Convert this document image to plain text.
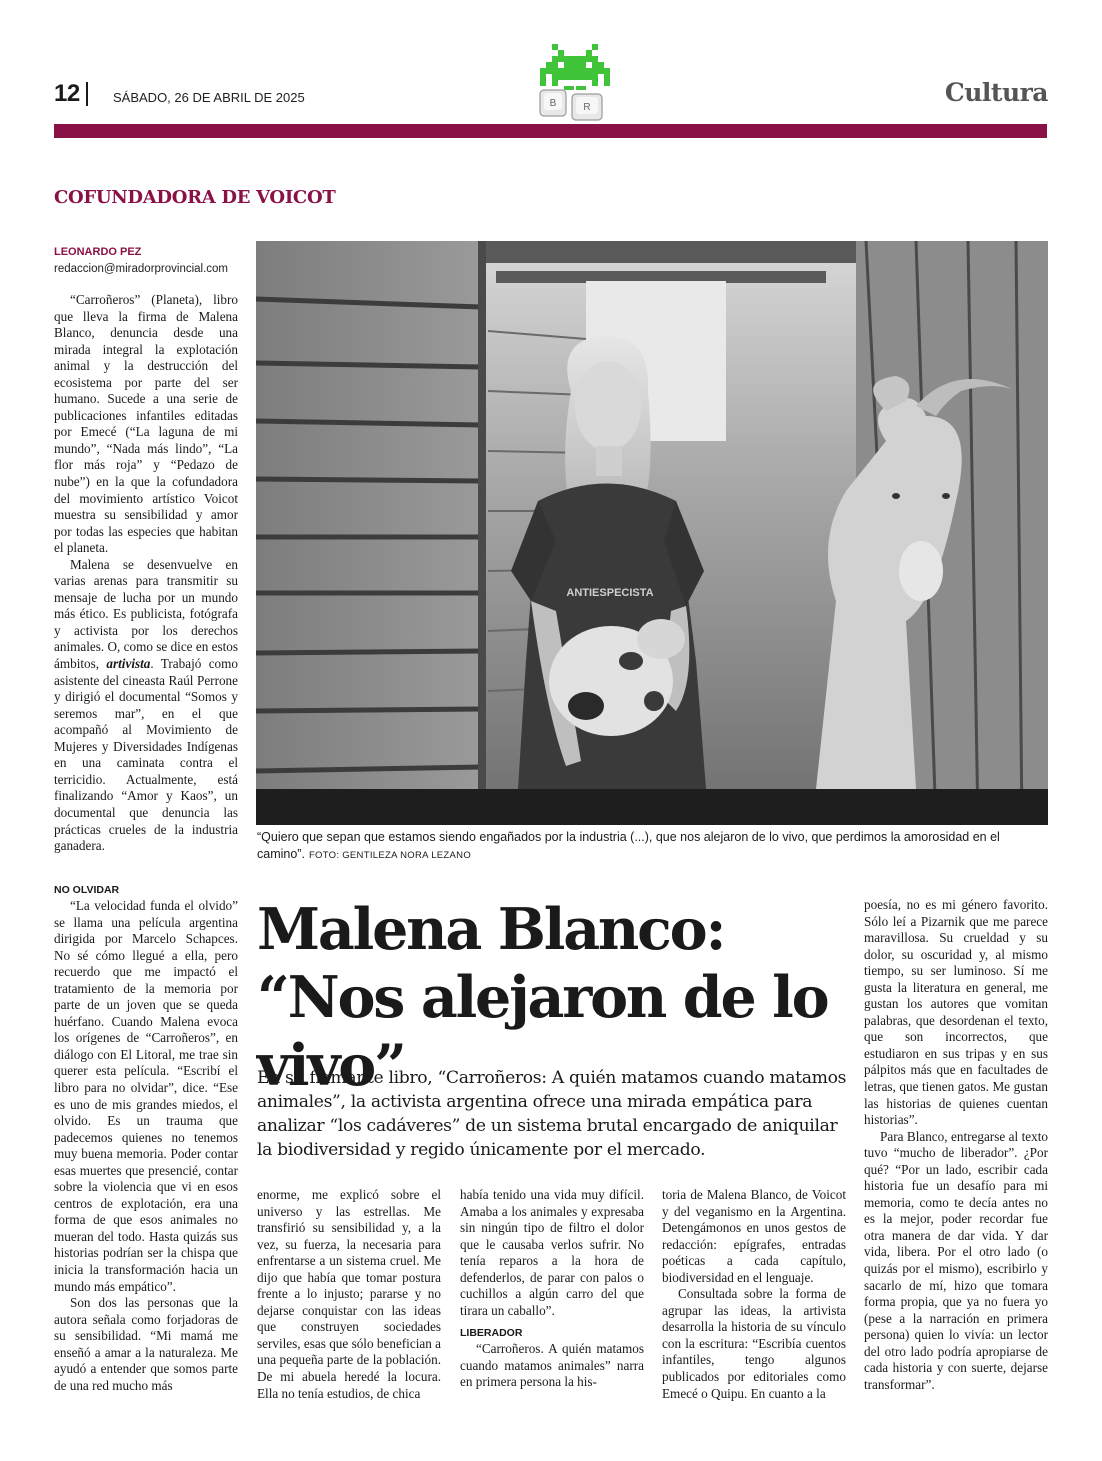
12	SÁBADO, 26 DE ABRIL DE 2025	B	R
Cultura
COFUNDADORA DE VOICOT
LEONARDO PEZ
redaccion@miradorprovincial.com

“Carroñeros” (Planeta), libro que lleva la firma de Malena Blanco, denuncia desde una mirada integral la explotación animal y la destrucción del ecosistema por parte del ser humano. Sucede a una serie de publicaciones infantiles editadas por Emecé (“La laguna de mi mundo”, “Nada más lindo”, “La flor más roja” y “Pedazo de nube”) en la que la cofundadora del movimiento artístico Voicot muestra su sensibilidad y amor por todas las especies que habitan el planeta.

Malena se desenvuelve en varias arenas para transmitir su mensaje de lucha por un mundo más ético. Es publicista, fotógrafa y activista por los derechos animales. O, como se dice en estos ámbitos, artivista. Trabajó como asistente del cineasta Raúl Perrone y dirigió el documental “Somos y seremos mar”, en el que acompañó al Movimiento de Mujeres y Diversidades Indígenas en una caminata contra el terricidio. Actualmente, está finalizando “Amor y Kaos”, un documental que denuncia las prácticas crueles de la industria ganadera.

ANTIESPECISTA
“Quiero que sepan que estamos siendo engañados por la industria (...), que nos alejaron de lo vivo, que perdimos la amorosidad en el camino”. FOTO: GENTILEZA NORA LEZANO

NO OLVIDAR

“La velocidad funda el olvido” se llama una película argentina dirigida por Marcelo Schapces. No sé cómo llegué a ella, pero recuerdo que me impactó el tratamiento de la memoria por parte de un joven que se queda huérfano. Cuando Malena evoca los orígenes de “Carroñeros”, en diálogo con El Litoral, me trae sin querer esta película. “Escribí el libro para no olvidar”, dice. “Ese es uno de mis grandes miedos, el olvido. Es un trauma que padecemos quienes no tenemos muy buena memoria. Poder contar esas muertes que presencié, contar sobre la violencia que vi en esos centros de explotación, era una forma de que esos animales no mueran del todo. Hasta quizás sus historias podrían ser la chispa que inicia la transformación hacia un mundo más empático”.

Son dos las personas que la autora señala como forjadoras de su sensibilidad. “Mi mamá me enseñó a amar a la naturaleza. Me ayudó a entender que somos parte de una red mucho más

Malena Blanco: “Nos alejaron de lo vivo”
En su flamante libro, “Carroñeros: A quién matamos cuando matamos animales”, la activista argentina ofrece una mirada empática para analizar “los cadáveres” de un sistema brutal encargado de aniquilar la biodiversidad y regido únicamente por el mercado.

enorme, me explicó sobre el universo y las estrellas. Me transfirió su sensibilidad y, a la vez, su fuerza, la necesaria para enfrentarse a un sistema cruel. Me dijo que había que tomar postura frente a lo injusto; pararse y no dejarse conquistar con las ideas que construyen sociedades serviles, esas que sólo benefician a una pequeña parte de la población. De mi abuela heredé la locura. Ella no tenía estudios, de chica

había tenido una vida muy difícil. Amaba a los animales y expresaba sin ningún tipo de filtro el dolor que le causaba verlos sufrir. No tenía reparos a la hora de defenderlos, de parar con palos o cuchillos a algún carro del que tirara un caballo”.

LIBERADOR

“Carroñeros. A quién matamos cuando matamos animales” narra en primera persona la his-

toria de Malena Blanco, de Voicot y del veganismo en la Argentina. Detengámonos en unos gestos de redacción: epígrafes, entradas poéticas a cada capítulo, biodiversidad en el lenguaje.

Consultada sobre la forma de agrupar las ideas, la artivista desarrolla la historia de su vínculo con la escritura: “Escribía cuentos infantiles, tengo algunos publicados por editoriales como Emecé o Quipu. En cuanto a la

poesía, no es mi género favorito. Sólo leí a Pizarnik que me parece maravillosa. Su crueldad y su dolor, su oscuridad y, al mismo tiempo, su ser luminoso. Sí me gusta la literatura en general, me gustan los autores que vomitan palabras, que desordenan el texto, que son incorrectos, que estudiaron en sus tripas y en sus pálpitos más que en facultades de letras, que tienen gatos. Me gustan las historias de quienes cuentan historias”.

Para Blanco, entregarse al texto tuvo “mucho de liberador”. ¿Por qué? “Por un lado, escribir cada historia fue un desafío para mi memoria, como te decía antes no es la mejor, poder recordar fue otra manera de dar vida. Y dar vida, libera. Por el otro lado (o quizás por el mismo), escribirlo y sacarlo de mí, hizo que tomara forma propia, que ya no fuera yo (pese a la narración en primera persona) quien lo vivía: un lector del otro lado podría apropiarse de cada historia y con suerte, dejarse transformar”.
